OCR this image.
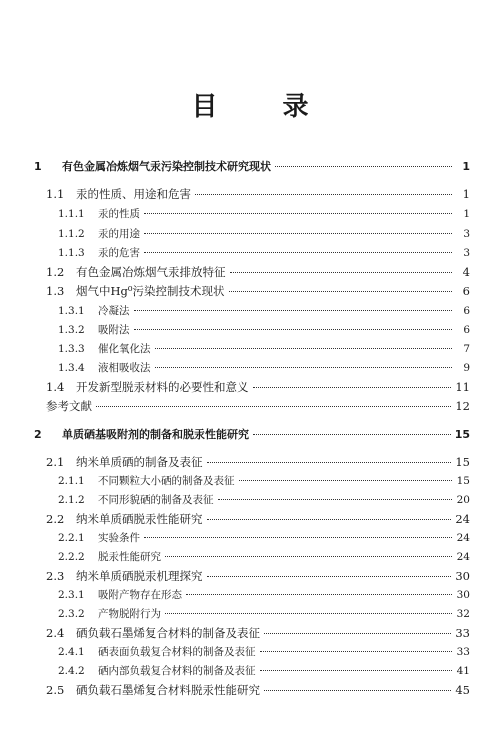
目 录
1	有色金属冶炼烟气汞污染控制技术研究现状	1
1.1	汞的性质、用途和危害	1
1.1.1	汞的性质	1
1.1.2	汞的用途	3
1.1.3	汞的危害	3
1.2	有色金属冶炼烟气汞排放特征	4
1.3	烟气中Hg⁰污染控制技术现状	6
1.3.1	冷凝法	6
1.3.2	吸附法	6
1.3.3	催化氧化法	7
1.3.4	液相吸收法	9
1.4	开发新型脱汞材料的必要性和意义	11
参考文献	12
2	单质硒基吸附剂的制备和脱汞性能研究	15
2.1	纳米单质硒的制备及表征	15
2.1.1	不同颗粒大小硒的制备及表征	15
2.1.2	不同形貌硒的制备及表征	20
2.2	纳米单质硒脱汞性能研究	24
2.2.1	实验条件	24
2.2.2	脱汞性能研究	24
2.3	纳米单质硒脱汞机理探究	30
2.3.1	吸附产物存在形态	30
2.3.2	产物脱附行为	32
2.4	硒负载石墨烯复合材料的制备及表征	33
2.4.1	硒表面负载复合材料的制备及表征	33
2.4.2	硒内部负载复合材料的制备及表征	41
2.5	硒负载石墨烯复合材料脱汞性能研究	45
